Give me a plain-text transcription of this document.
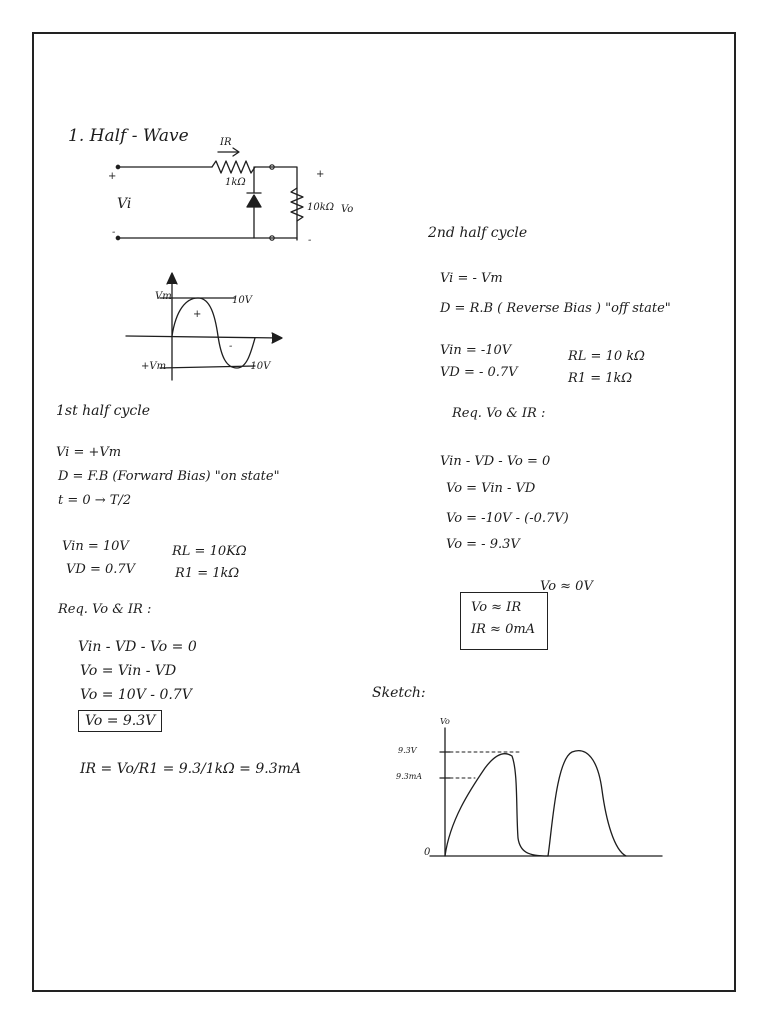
1. Half - Wave	IR
1kΩ
10kΩ Vo
Vi
+	+
-
-
Vm	10V
+Vm	-10V
+
-
1st half cycle
Vi = +Vm
D = F.B (Forward Bias) "on state"
t = 0 → T/2
Vin = 10V
VD = 0.7V
RL = 10KΩ
R1 = 1kΩ
Req. Vo & IR :
Vin - VD - Vo = 0
Vo = Vin - VD
Vo = 10V - 0.7V
Vo = 9.3V
IR = Vo/R1 = 9.3/1kΩ = 9.3mA
2nd half cycle
Vi = - Vm
D = R.B ( Reverse Bias ) "off state"
Vin = -10V
VD = - 0.7V
RL = 10 kΩ
R1 = 1kΩ
Req. Vo & IR :
Vin - VD - Vo = 0
Vo = Vin - VD
Vo = -10V - (-0.7V)
Vo = - 9.3V
Vo ≈ 0V
Vo ≈ IR
IR ≈ 0mA
Sketch:
Vo
9.3V
9.3mA
0
